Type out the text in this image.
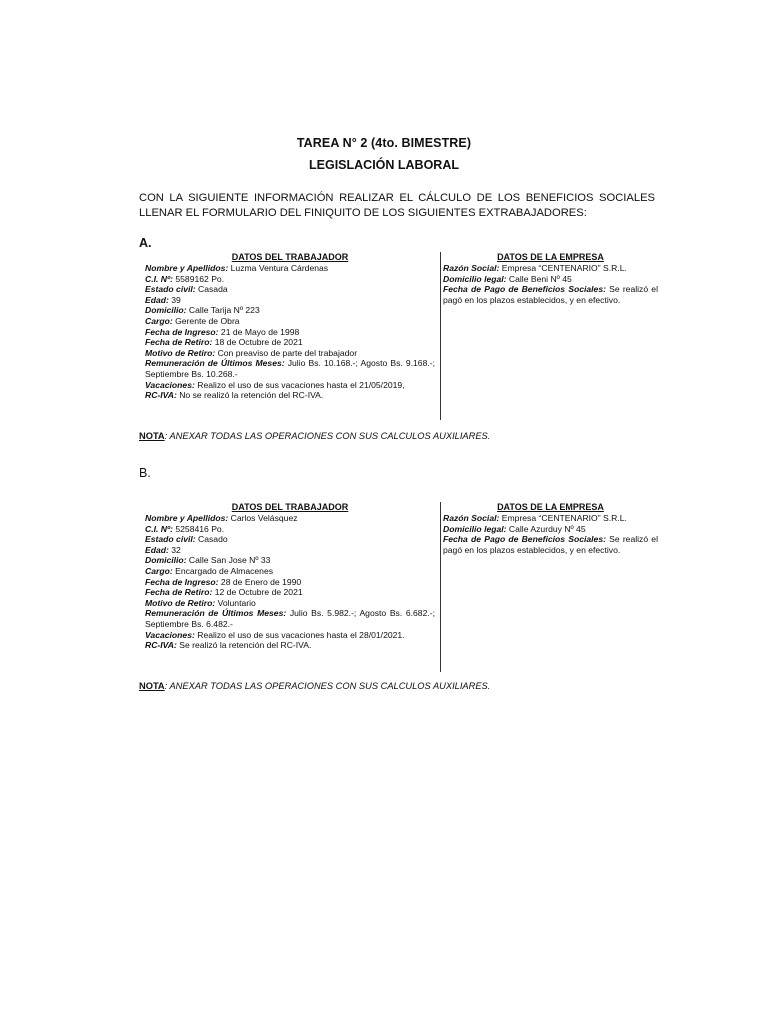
TAREA N° 2 (4to. BIMESTRE)
LEGISLACIÓN LABORAL
CON LA SIGUIENTE INFORMACIÓN REALIZAR EL CÁLCULO DE LOS BENEFICIOS SOCIALES LLENAR EL FORMULARIO DEL FINIQUITO DE LOS SIGUIENTES EXTRABAJADORES:
A.
DATOS DEL TRABAJADOR
Nombre y Apellidos: Luzma Ventura Cárdenas
C.I. Nº: 5589162 Po.
Estado civil: Casada
Edad: 39
Domicilio: Calle Tarija Nº 223
Cargo: Gerente de Obra
Fecha de Ingreso: 21 de Mayo de 1998
Fecha de Retiro: 18 de Octubre de 2021
Motivo de Retiro: Con preaviso de parte del trabajador
Remuneración de Últimos Meses: Julio Bs. 10.168.-; Agosto Bs. 9.168.-; Septiembre Bs. 10.268.-
Vacaciones: Realizo el uso de sus vacaciones hasta el 21/05/2019,
RC-IVA: No se realizó la retención del RC-IVA.
DATOS DE LA EMPRESA
Razón Social: Empresa “CENTENARIO” S.R.L.
Domicilio legal: Calle Beni Nº 45
Fecha de Pago de Beneficios Sociales: Se realizó el pagó en los plazos establecidos, y en efectivo.
NOTA: ANEXAR TODAS LAS OPERACIONES CON SUS CALCULOS AUXILIARES.
B.
DATOS DEL TRABAJADOR
Nombre y Apellidos: Carlos Velásquez
C.I. Nº: 5258416 Po.
Estado civil: Casado
Edad: 32
Domicilio: Calle San Jose Nº 33
Cargo: Encargado de Almacenes
Fecha de Ingreso: 28 de Enero de 1990
Fecha de Retiro: 12 de Octubre de 2021
Motivo de Retiro: Voluntario
Remuneración de Últimos Meses: Julio Bs. 5.982.-; Agosto Bs. 6.682.-; Septiembre Bs. 6.482.-
Vacaciones: Realizo el uso de sus vacaciones hasta el 28/01/2021.
RC-IVA: Se realizó la retención del RC-IVA.
DATOS DE LA EMPRESA
Razón Social: Empresa “CENTENARIO” S.R.L.
Domicilio legal: Calle Azurduy Nº 45
Fecha de Pago de Beneficios Sociales: Se realizó el pagó en los plazos establecidos, y en efectivo.
NOTA: ANEXAR TODAS LAS OPERACIONES CON SUS CALCULOS AUXILIARES.
